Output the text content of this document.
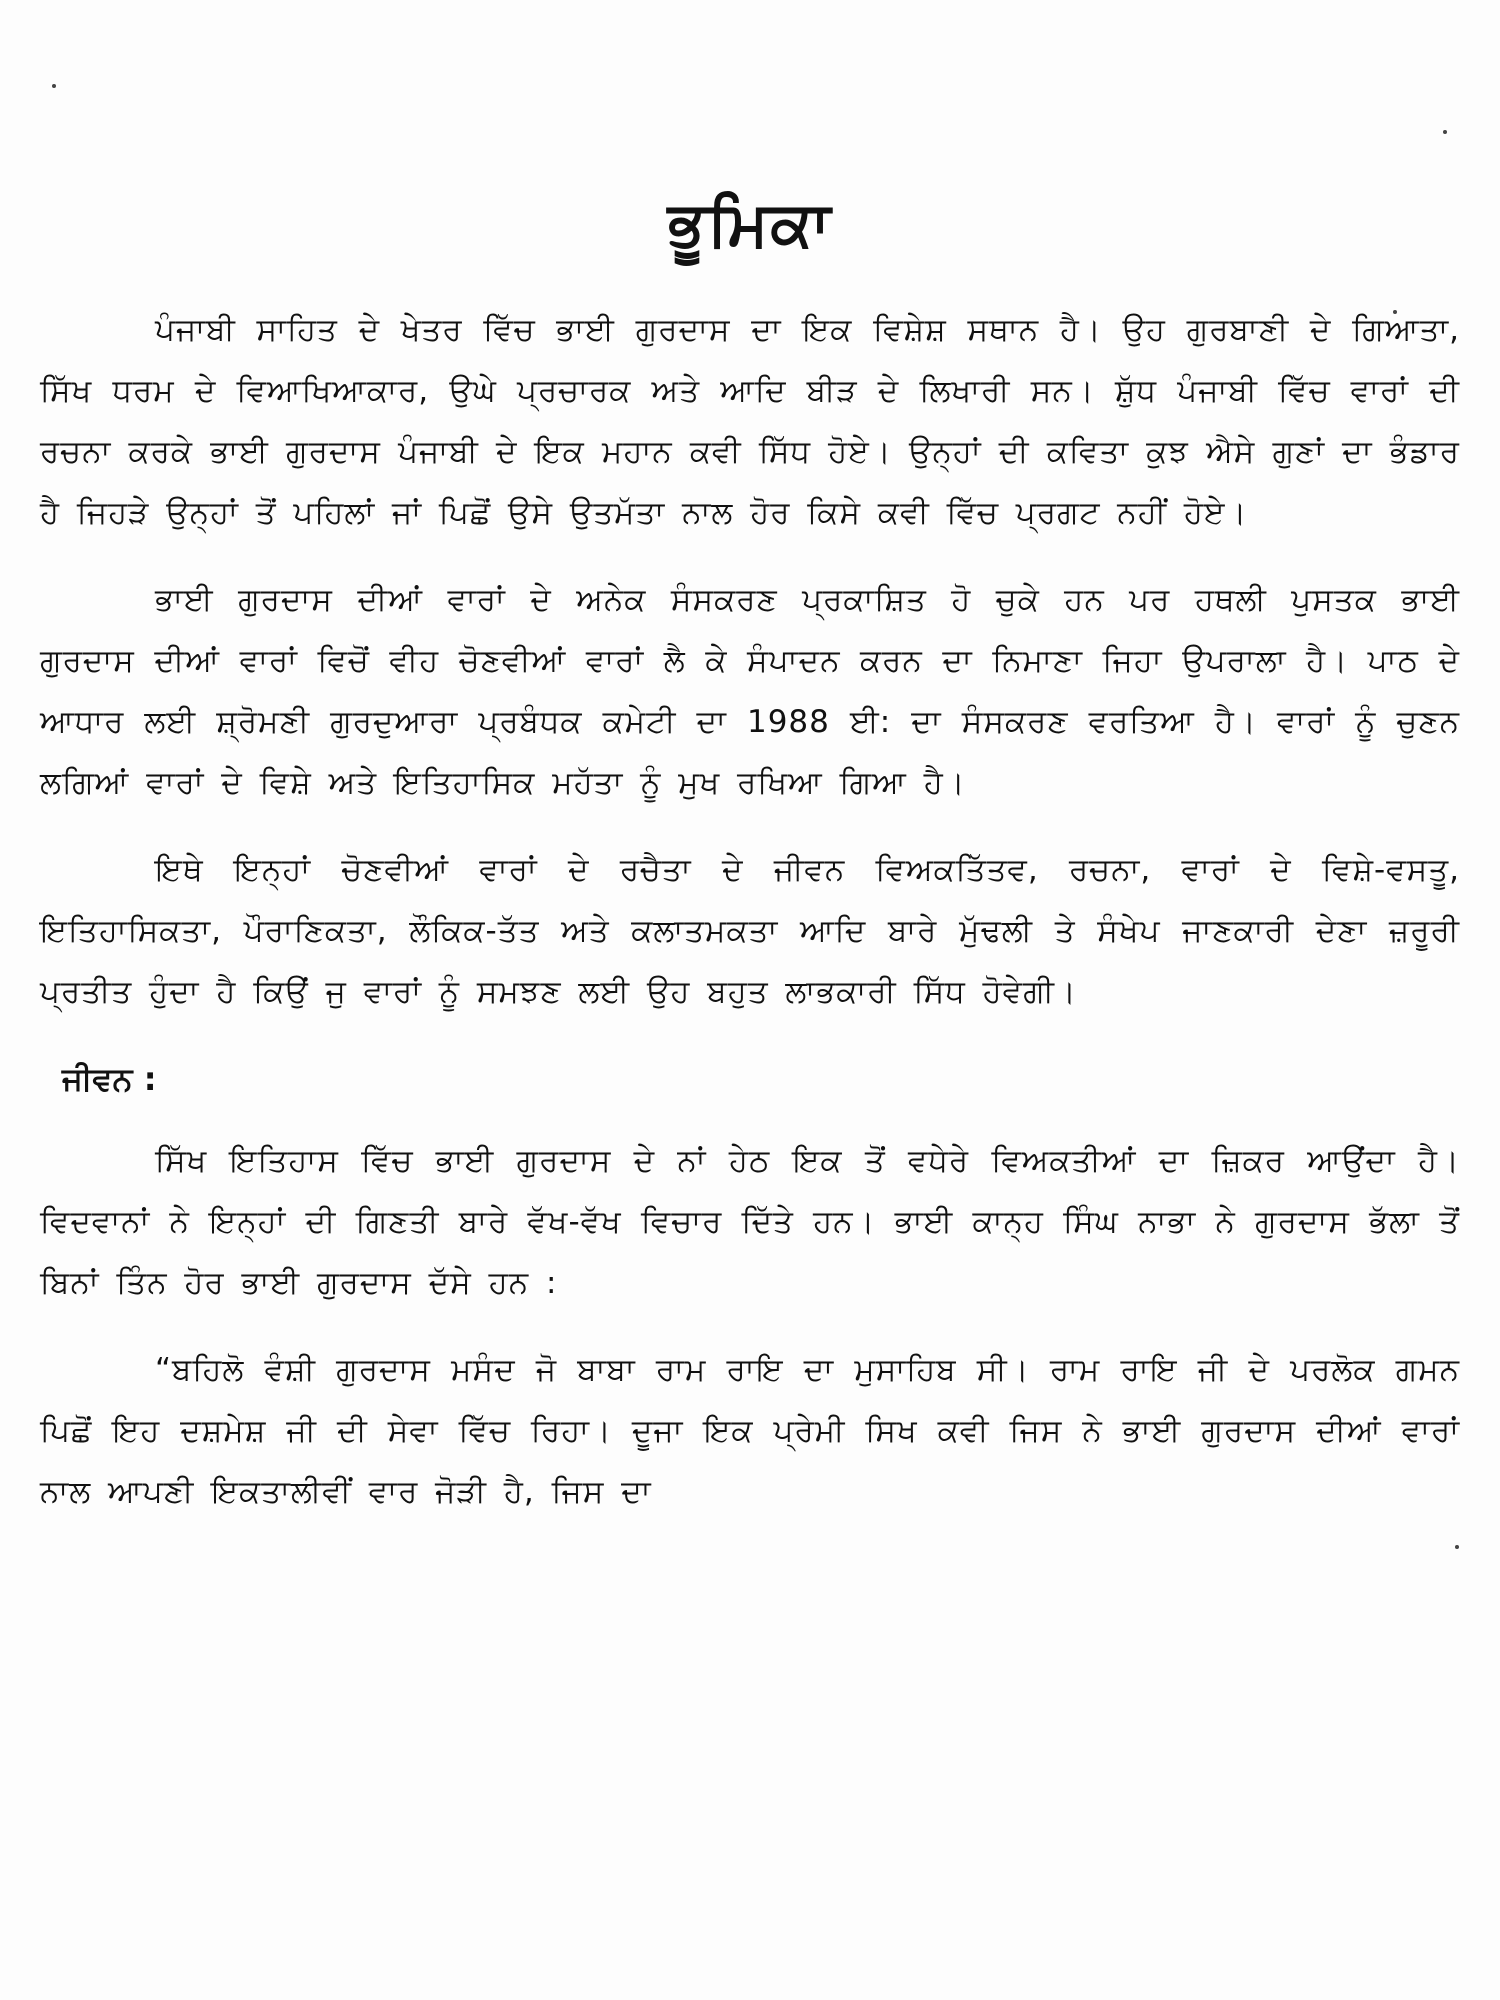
ਭੂਮਿਕਾ

ਪੰਜਾਬੀ ਸਾਹਿਤ ਦੇ ਖੇਤਰ ਵਿੱਚ ਭਾਈ ਗੁਰਦਾਸ ਦਾ ਇਕ ਵਿਸ਼ੇਸ਼ ਸਥਾਨ ਹੈ। ਉਹ ਗੁਰਬਾਣੀ ਦੇ ਗਿਆਤਾ, ਸਿੱਖ ਧਰਮ ਦੇ ਵਿਆਖਿਆਕਾਰ, ਉਘੇ ਪ੍ਰਚਾਰਕ ਅਤੇ ਆਦਿ ਬੀੜ ਦੇ ਲਿਖਾਰੀ ਸਨ। ਸ਼ੁੱਧ ਪੰਜਾਬੀ ਵਿੱਚ ਵਾਰਾਂ ਦੀ ਰਚਨਾ ਕਰਕੇ ਭਾਈ ਗੁਰਦਾਸ ਪੰਜਾਬੀ ਦੇ ਇਕ ਮਹਾਨ ਕਵੀ ਸਿੱਧ ਹੋਏ। ਉਨ੍ਹਾਂ ਦੀ ਕਵਿਤਾ ਕੁਝ ਐਸੇ ਗੁਣਾਂ ਦਾ ਭੰਡਾਰ ਹੈ ਜਿਹੜੇ ਉਨ੍ਹਾਂ ਤੋਂ ਪਹਿਲਾਂ ਜਾਂ ਪਿਛੋਂ ਉਸੇ ਉਤਮੱਤਾ ਨਾਲ ਹੋਰ ਕਿਸੇ ਕਵੀ ਵਿੱਚ ਪ੍ਰਗਟ ਨਹੀਂ ਹੋਏ।

ਭਾਈ ਗੁਰਦਾਸ ਦੀਆਂ ਵਾਰਾਂ ਦੇ ਅਨੇਕ ਸੰਸਕਰਣ ਪ੍ਰਕਾਸ਼ਿਤ ਹੋ ਚੁਕੇ ਹਨ ਪਰ ਹਥਲੀ ਪੁਸਤਕ ਭਾਈ ਗੁਰਦਾਸ ਦੀਆਂ ਵਾਰਾਂ ਵਿਚੋਂ ਵੀਹ ਚੋਣਵੀਆਂ ਵਾਰਾਂ ਲੈ ਕੇ ਸੰਪਾਦਨ ਕਰਨ ਦਾ ਨਿਮਾਣਾ ਜਿਹਾ ਉਪਰਾਲਾ ਹੈ। ਪਾਠ ਦੇ ਆਧਾਰ ਲਈ ਸ਼੍ਰੋਮਣੀ ਗੁਰਦੁਆਰਾ ਪ੍ਰਬੰਧਕ ਕਮੇਟੀ ਦਾ 1988 ਈ: ਦਾ ਸੰਸਕਰਣ ਵਰਤਿਆ ਹੈ। ਵਾਰਾਂ ਨੂੰ ਚੁਣਨ ਲਗਿਆਂ ਵਾਰਾਂ ਦੇ ਵਿਸ਼ੇ ਅਤੇ ਇਤਿਹਾਸਿਕ ਮਹੱਤਾ ਨੂੰ ਮੁਖ ਰਖਿਆ ਗਿਆ ਹੈ।

ਇਥੇ ਇਨ੍ਹਾਂ ਚੋਣਵੀਆਂ ਵਾਰਾਂ ਦੇ ਰਚੈਤਾ ਦੇ ਜੀਵਨ ਵਿਅਕਤਿੱਤਵ, ਰਚਨਾ, ਵਾਰਾਂ ਦੇ ਵਿਸ਼ੇ-ਵਸਤੂ, ਇਤਿਹਾਸਿਕਤਾ, ਪੌਰਾਣਿਕਤਾ, ਲੌਕਿਕ-ਤੱਤ ਅਤੇ ਕਲਾਤਮਕਤਾ ਆਦਿ ਬਾਰੇ ਮੁੱਢਲੀ ਤੇ ਸੰਖੇਪ ਜਾਣਕਾਰੀ ਦੇਣਾ ਜ਼ਰੂਰੀ ਪ੍ਰਤੀਤ ਹੁੰਦਾ ਹੈ ਕਿਉਂ ਜੁ ਵਾਰਾਂ ਨੂੰ ਸਮਝਣ ਲਈ ਉਹ ਬਹੁਤ ਲਾਭਕਾਰੀ ਸਿੱਧ ਹੋਵੇਗੀ।

ਜੀਵਨ :

ਸਿੱਖ ਇਤਿਹਾਸ ਵਿੱਚ ਭਾਈ ਗੁਰਦਾਸ ਦੇ ਨਾਂ ਹੇਠ ਇਕ ਤੋਂ ਵਧੇਰੇ ਵਿਅਕਤੀਆਂ ਦਾ ਜ਼ਿਕਰ ਆਉਂਦਾ ਹੈ। ਵਿਦਵਾਨਾਂ ਨੇ ਇਨ੍ਹਾਂ ਦੀ ਗਿਣਤੀ ਬਾਰੇ ਵੱਖ-ਵੱਖ ਵਿਚਾਰ ਦਿੱਤੇ ਹਨ। ਭਾਈ ਕਾਨ੍ਹ ਸਿੰਘ ਨਾਭਾ ਨੇ ਗੁਰਦਾਸ ਭੱਲਾ ਤੋਂ ਬਿਨਾਂ ਤਿੰਨ ਹੋਰ ਭਾਈ ਗੁਰਦਾਸ ਦੱਸੇ ਹਨ :

“ਬਹਿਲੋ ਵੰਸ਼ੀ ਗੁਰਦਾਸ ਮਸੰਦ ਜੋ ਬਾਬਾ ਰਾਮ ਰਾਇ ਦਾ ਮੁਸਾਹਿਬ ਸੀ। ਰਾਮ ਰਾਇ ਜੀ ਦੇ ਪਰਲੋਕ ਗਮਨ ਪਿਛੋਂ ਇਹ ਦਸ਼ਮੇਸ਼ ਜੀ ਦੀ ਸੇਵਾ ਵਿੱਚ ਰਿਹਾ। ਦੂਜਾ ਇਕ ਪ੍ਰੇਮੀ ਸਿਖ ਕਵੀ ਜਿਸ ਨੇ ਭਾਈ ਗੁਰਦਾਸ ਦੀਆਂ ਵਾਰਾਂ ਨਾਲ ਆਪਣੀ ਇਕਤਾਲੀਵੀਂ ਵਾਰ ਜੋੜੀ ਹੈ, ਜਿਸ ਦਾ
